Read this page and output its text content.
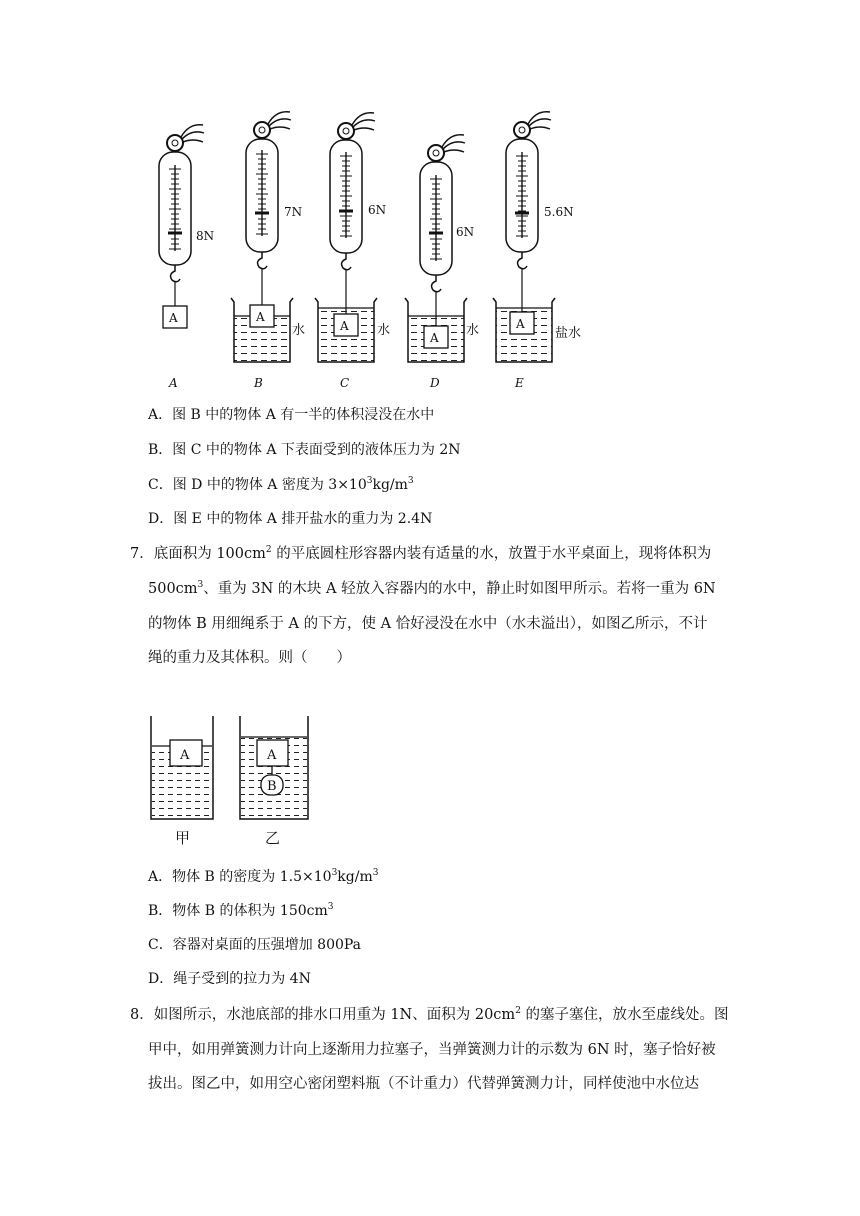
8N
7N	6N
6N
5.6N
A	A
A
A
A
水	水	水	盐水
A	B	C	D	E
A．图 B 中的物体 A 有一半的体积浸没在水中
B．图 C 中的物体 A 下表面受到的液体压力为 2N
C．图 D 中的物体 A 密度为 $3\times 10^3kg/m^3$
D．图 E 中的物体 A 排开盐水的重力为 2.4N
7．底面积为 $100cm^2$ 的平底圆柱形容器内装有适量的水，放置于水平桌面上，现将体积为
$500cm^3$、重为 3N 的木块 A 轻放入容器内的水中，静止时如图甲所示。若将一重为 6N
的物体 B 用细绳系于 A 的下方，使 A 恰好浸没在水中（水未溢出），如图乙所示，不计
绳的重力及其体积。则（　　）
A	A
B
甲	乙
A．物体 B 的密度为 $1.5\times 10^3kg/m^3$
B．物体 B 的体积为 $150cm^3$
C．容器对桌面的压强增加 800Pa
D．绳子受到的拉力为 4N
8．如图所示，水池底部的排水口用重为 1N、面积为 $20cm^2$ 的塞子塞住，放水至虚线处。图
甲中，如用弹簧测力计向上逐渐用力拉塞子，当弹簧测力计的示数为 6N 时，塞子恰好被
拔出。图乙中，如用空心密闭塑料瓶（不计重力）代替弹簧测力计，同样使池中水位达
